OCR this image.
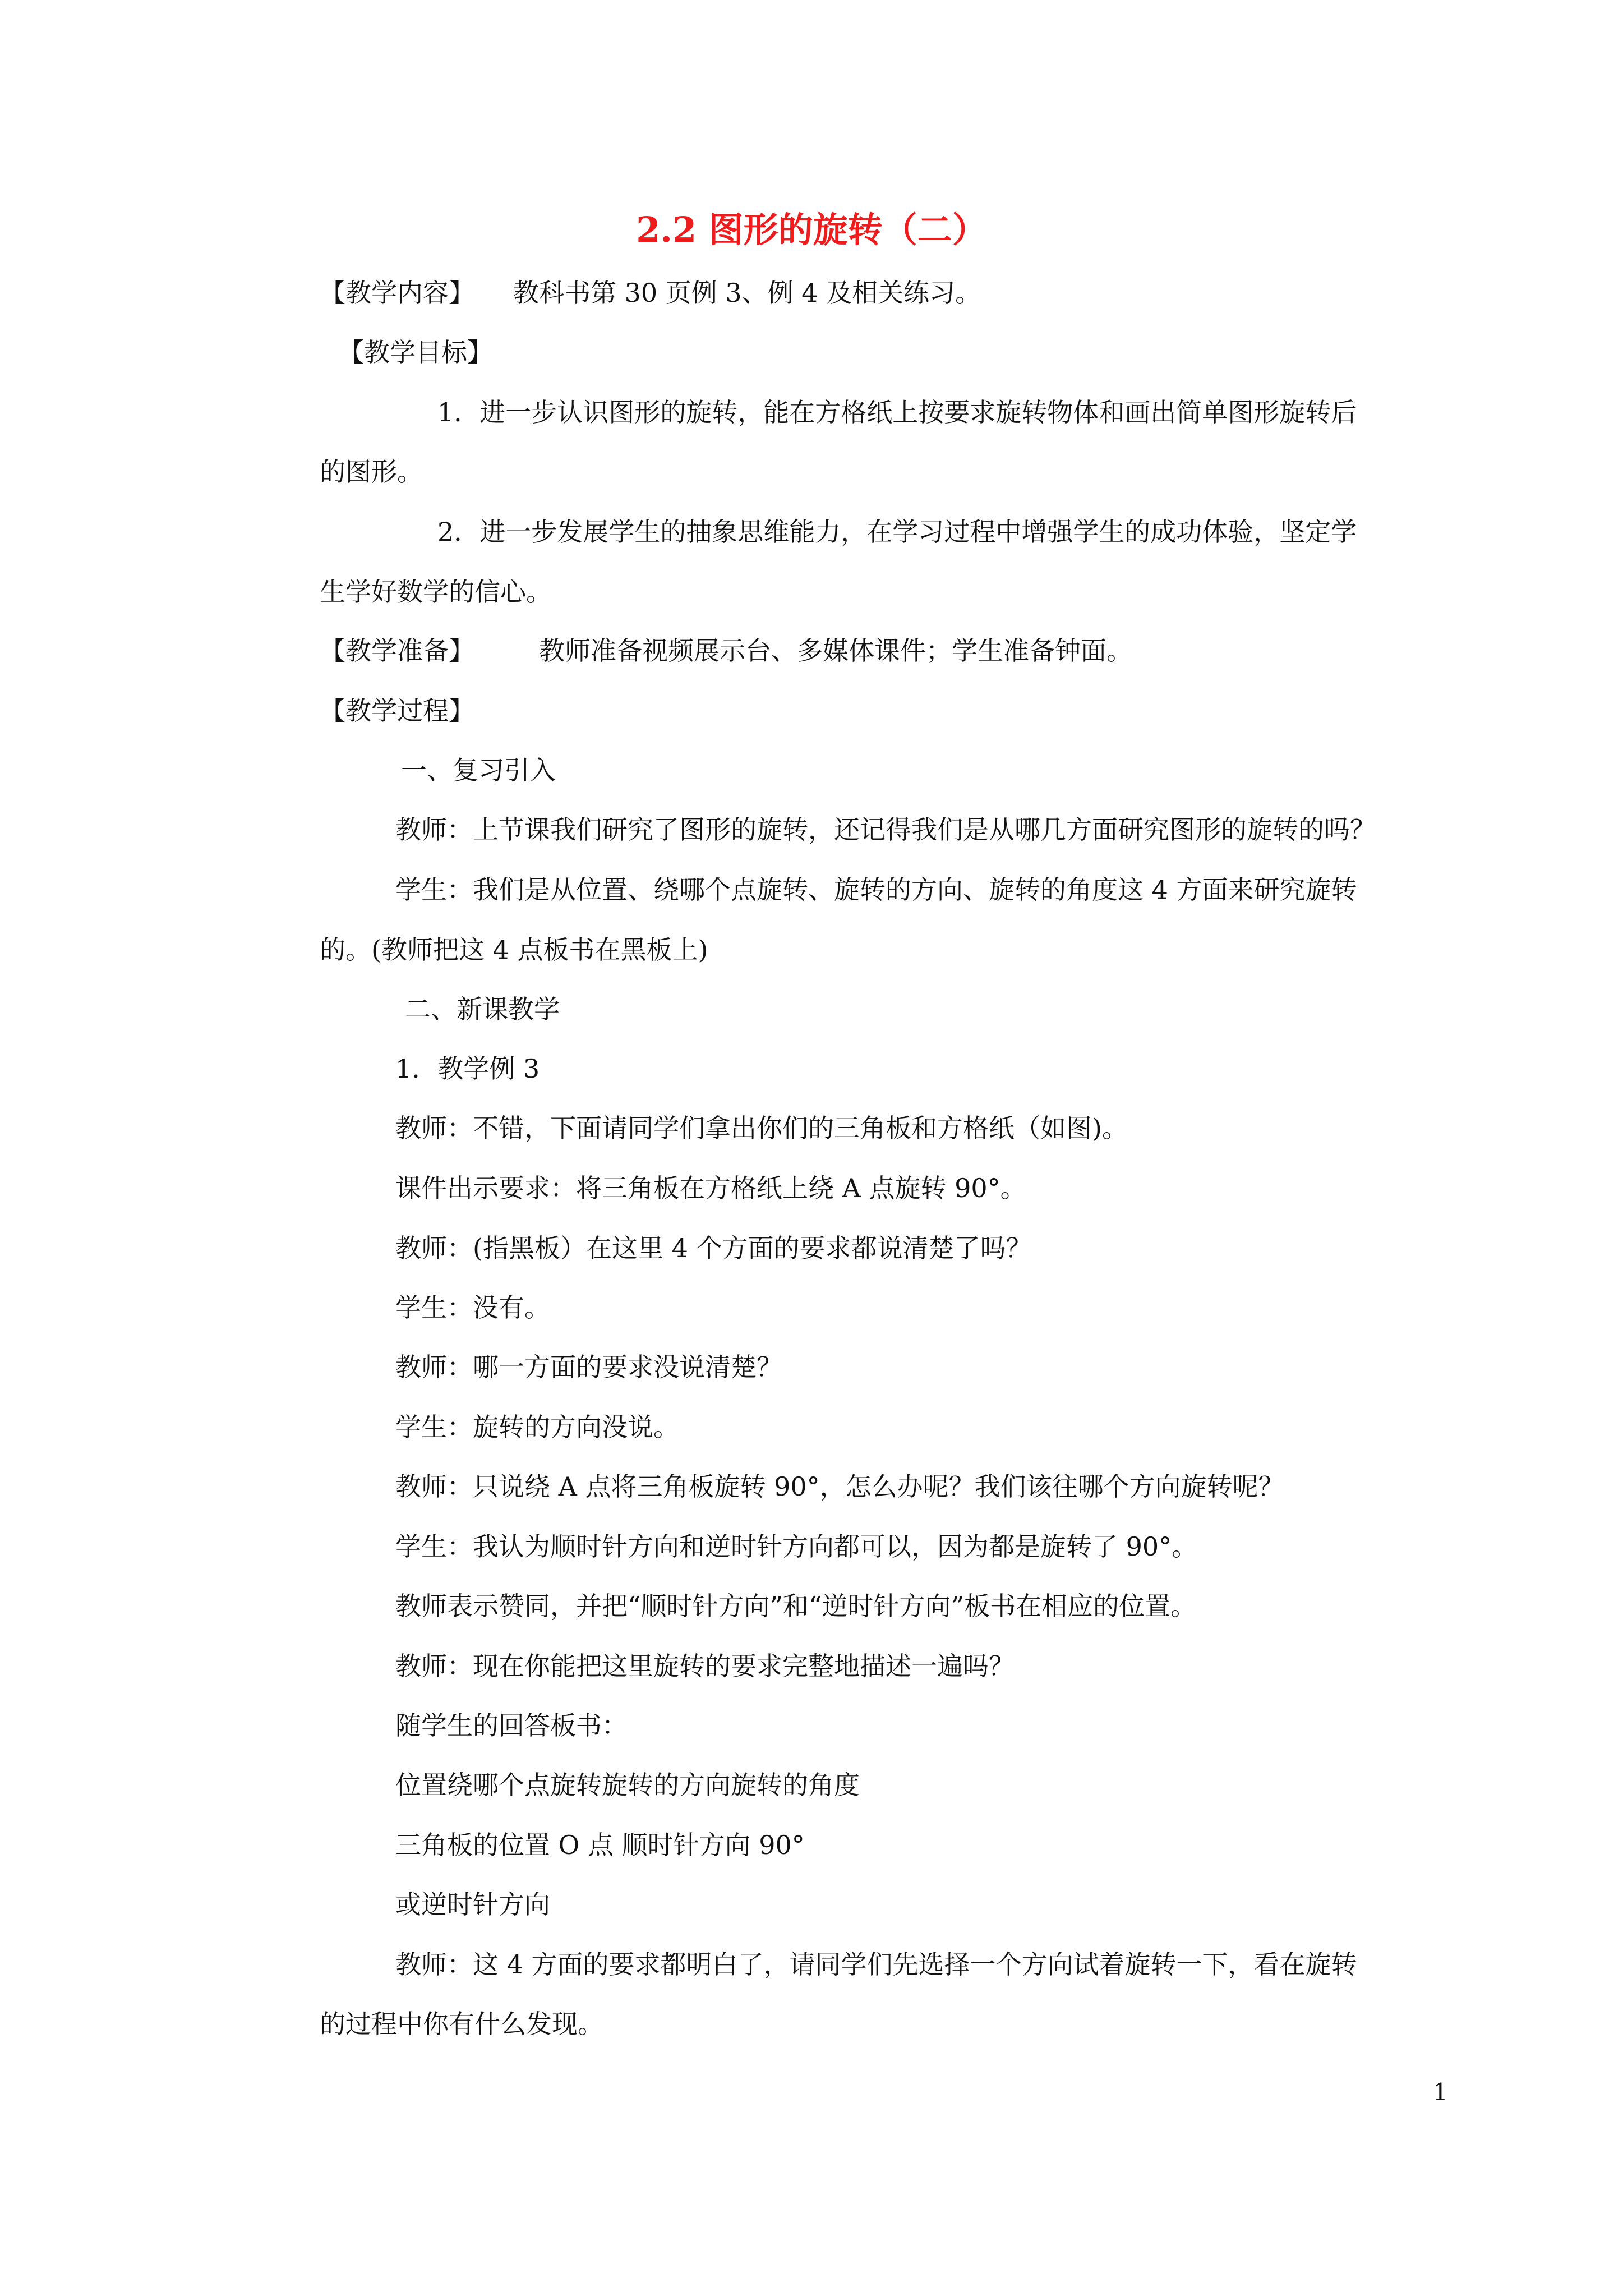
2.2 图形的旋转（二）

【教学内容】　　教科书第 30 页例 3、例 4 及相关练习。

【教学目标】

1．进一步认识图形的旋转，能在方格纸上按要求旋转物体和画出简单图形旋转后

的图形。

2．进一步发展学生的抽象思维能力，在学习过程中增强学生的成功体验，坚定学

生学好数学的信心。

【教学准备】　　　教师准备视频展示台、多媒体课件；学生准备钟面。

【教学过程】

一、复习引入

教师：上节课我们研究了图形的旋转，还记得我们是从哪几方面研究图形的旋转的吗？

学生：我们是从位置、绕哪个点旋转、旋转的方向、旋转的角度这 4 方面来研究旋转

的。(教师把这 4 点板书在黑板上)

二、新课教学

1．教学例 3

教师：不错，下面请同学们拿出你们的三角板和方格纸（如图)。

课件出示要求：将三角板在方格纸上绕 A 点旋转 90°。

教师：(指黑板）在这里 4 个方面的要求都说清楚了吗？

学生：没有。

教师：哪一方面的要求没说清楚？

学生：旋转的方向没说。

教师：只说绕 A 点将三角板旋转 90°，怎么办呢？我们该往哪个方向旋转呢？

学生：我认为顺时针方向和逆时针方向都可以，因为都是旋转了 90°。

教师表示赞同，并把“顺时针方向”和“逆时针方向”板书在相应的位置。

教师：现在你能把这里旋转的要求完整地描述一遍吗？

随学生的回答板书：

位置绕哪个点旋转旋转的方向旋转的角度

三角板的位置 O 点 顺时针方向 90°

或逆时针方向

教师：这 4 方面的要求都明白了，请同学们先选择一个方向试着旋转一下，看在旋转

的过程中你有什么发现。

1
